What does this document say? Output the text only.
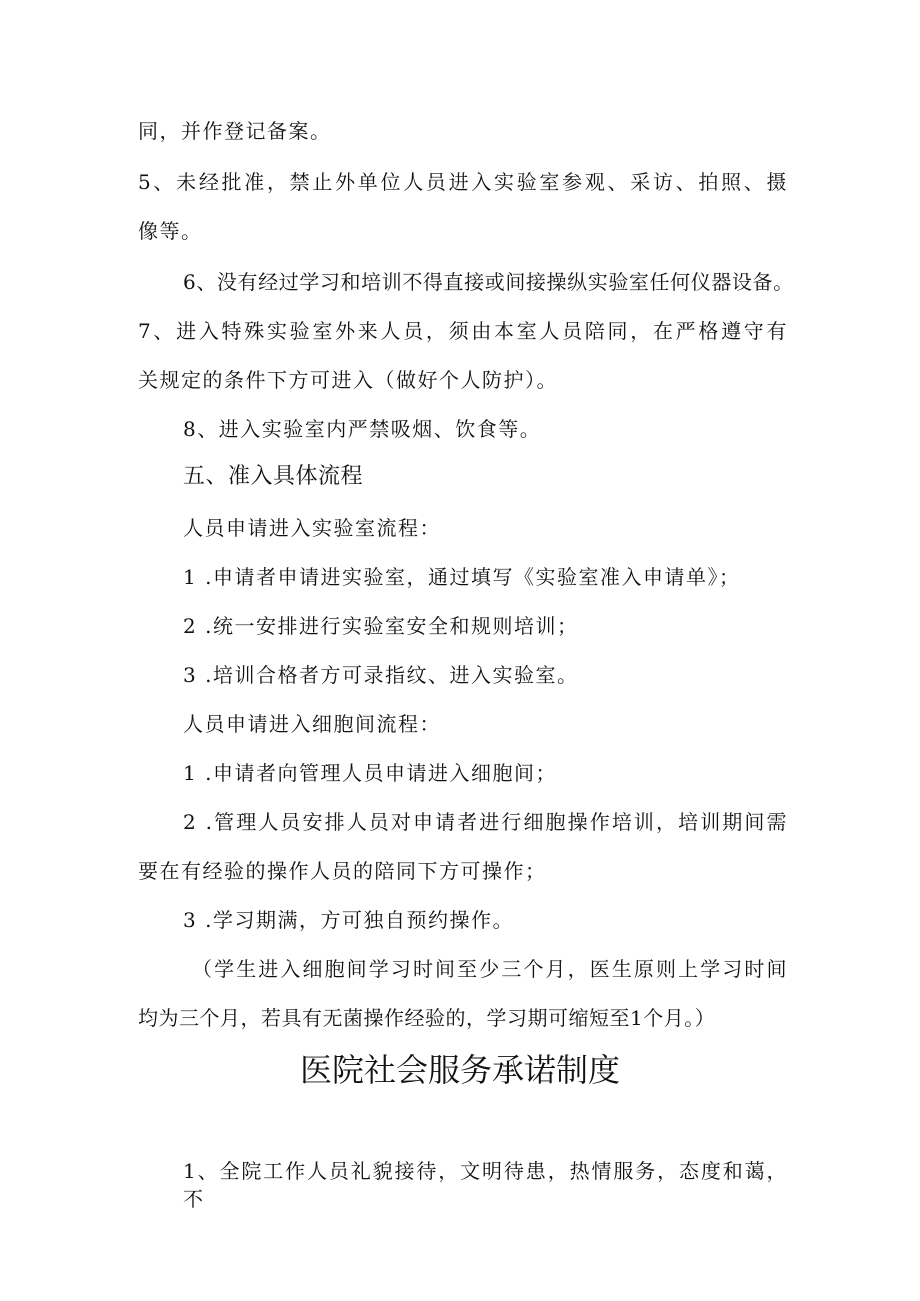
同，并作登记备案。
5、未经批准，禁止外单位人员进入实验室参观、采访、拍照、摄
像等。
6、没有经过学习和培训不得直接或间接操纵实验室任何仪器设备。
7、进入特殊实验室外来人员，须由本室人员陪同，在严格遵守有
关规定的条件下方可进入（做好个人防护）。
8、进入实验室内严禁吸烟、饮食等。
五、准入具体流程
人员申请进入实验室流程：
1 .申请者申请进实验室，通过填写《实验室准入申请单》；
2 .统一安排进行实验室安全和规则培训；
3 .培训合格者方可录指纹、进入实验室。
人员申请进入细胞间流程：
1 .申请者向管理人员申请进入细胞间；
2 .管理人员安排人员对申请者进行细胞操作培训，培训期间需
要在有经验的操作人员的陪同下方可操作；
3 .学习期满，方可独自预约操作。
（学生进入细胞间学习时间至少三个月，医生原则上学习时间
均为三个月，若具有无菌操作经验的，学习期可缩短至1个月。）
医院社会服务承诺制度
1、全院工作人员礼貌接待，文明待患，热情服务，态度和蔼，不
